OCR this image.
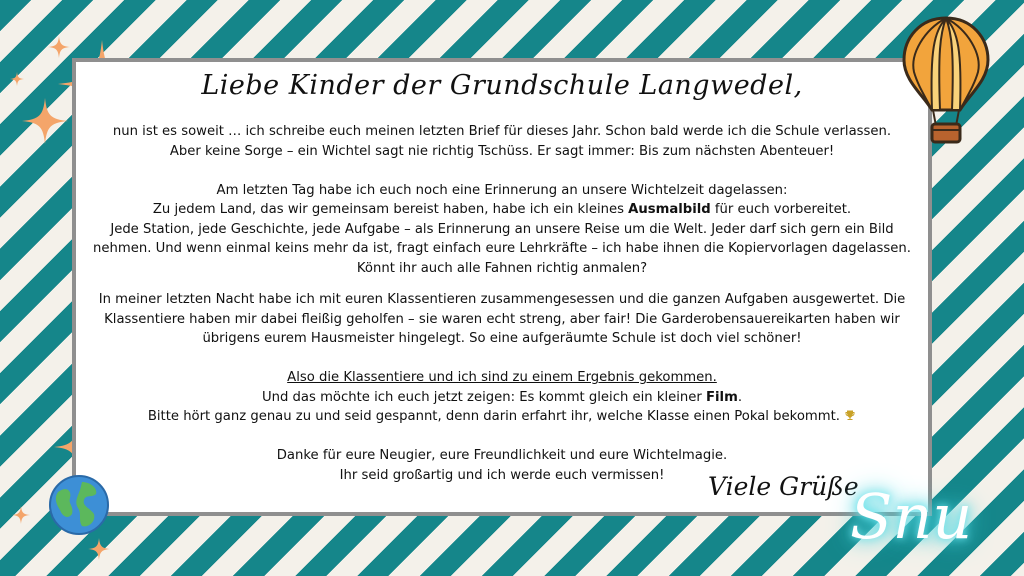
Liebe Kinder der Grundschule Langwedel,

nun ist es soweit … ich schreibe euch meinen letzten Brief für dieses Jahr. Schon bald werde ich die Schule verlassen.

Aber keine Sorge – ein Wichtel sagt nie richtig Tschüss. Er sagt immer: Bis zum nächsten Abenteuer!

Am letzten Tag habe ich euch noch eine Erinnerung an unsere Wichtelzeit dagelassen:

Zu jedem Land, das wir gemeinsam bereist haben, habe ich ein kleines Ausmalbild für euch vorbereitet.

Jede Station, jede Geschichte, jede Aufgabe – als Erinnerung an unsere Reise um die Welt. Jeder darf sich gern ein Bild nehmen. Und wenn einmal keins mehr da ist, fragt einfach eure Lehrkräfte – ich habe ihnen die Kopiervorlagen dagelassen. Könnt ihr auch alle Fahnen richtig anmalen?

In meiner letzten Nacht habe ich mit euren Klassentieren zusammengesessen und die ganzen Aufgaben ausgewertet. Die Klassentiere haben mir dabei fleißig geholfen – sie waren echt streng, aber fair! Die Garderobensauereikarten haben wir übrigens eurem Hausmeister hingelegt. So eine aufgeräumte Schule ist doch viel schöner!

Also die Klassentiere und ich sind zu einem Ergebnis gekommen.

Und das möchte ich euch jetzt zeigen: Es kommt gleich ein kleiner Film.

Bitte hört ganz genau zu und seid gespannt, denn darin erfahrt ihr, welche Klasse einen Pokal bekommt.

Danke für eure Neugier, eure Freundlichkeit und eure Wichtelmagie.

Ihr seid großartig und ich werde euch vermissen!	Viele Grüße
Snu
